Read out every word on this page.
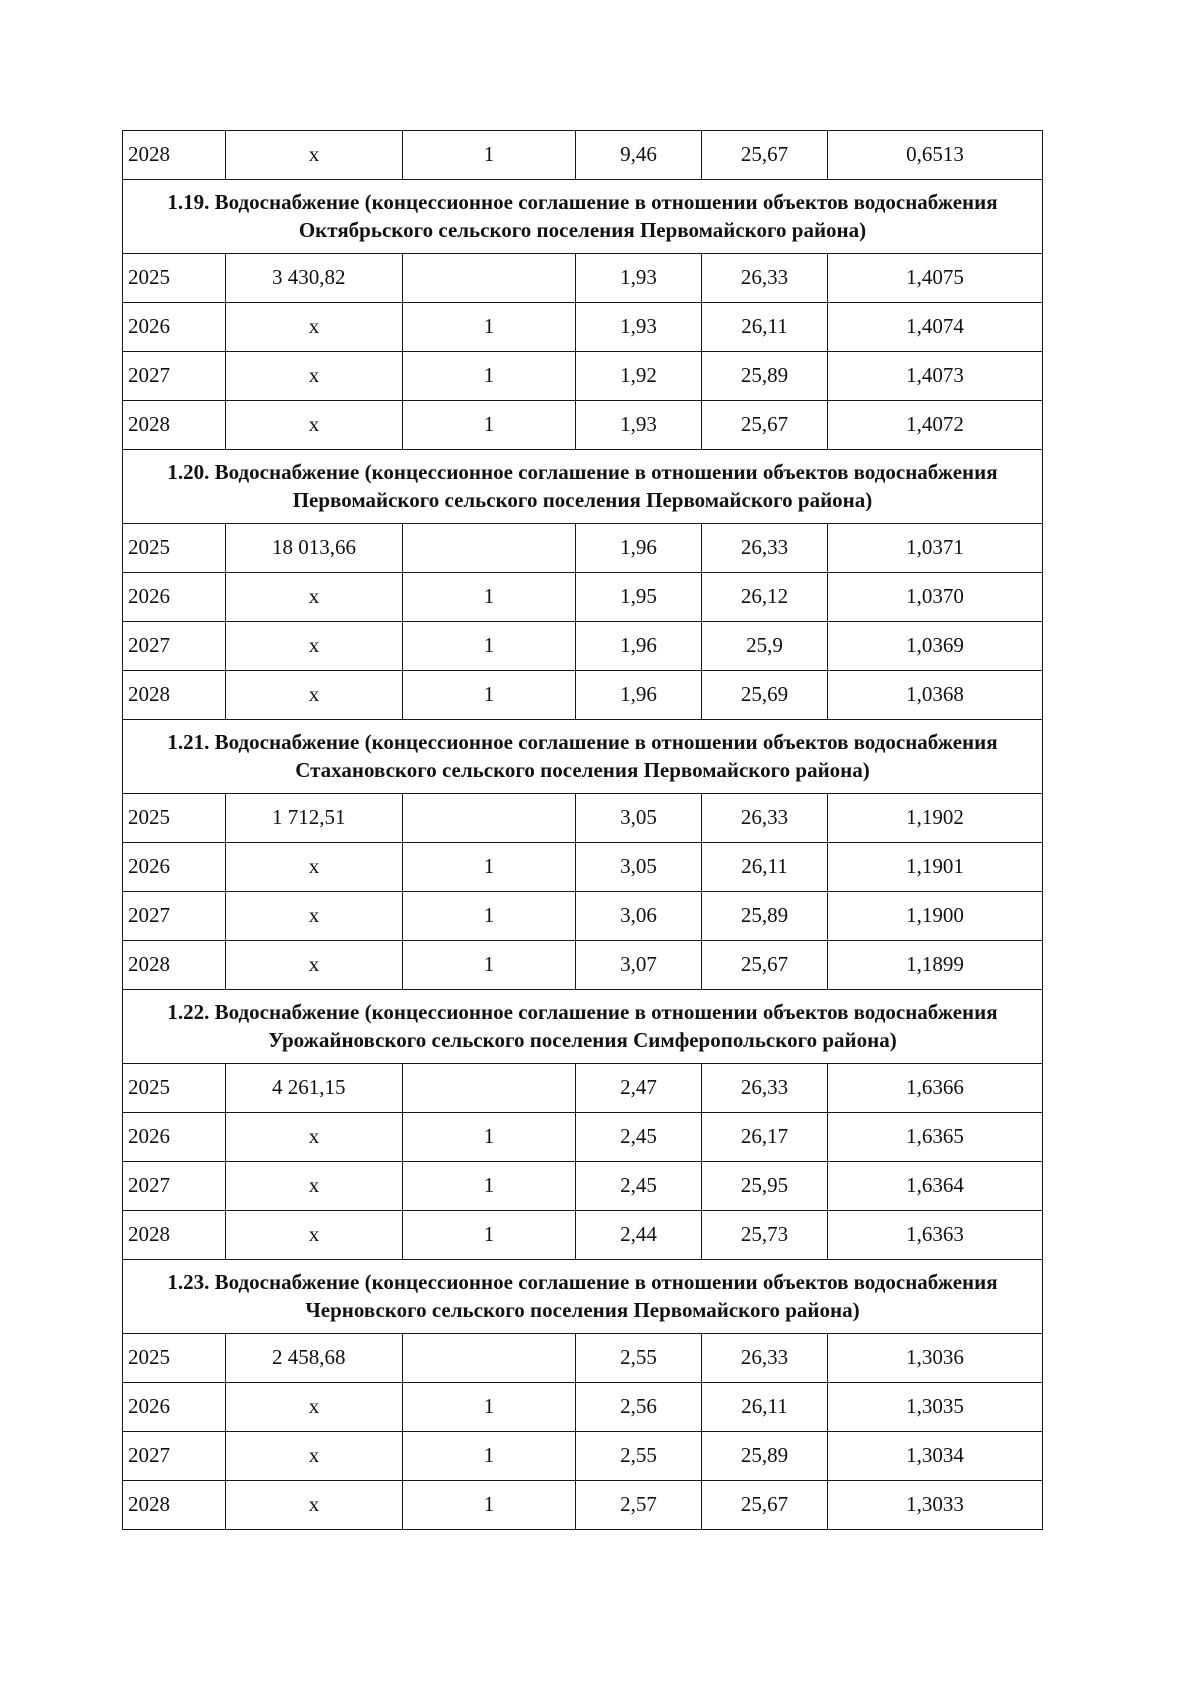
2028	x	1	9,46	25,67	0,6513
1.19. Водоснабжение (концессионное соглашение в отношении объектов водоснабжения Октябрьского сельского поселения Первомайского района)					
2025	3 430,82		1,93	26,33	1,4075
2026	x	1	1,93	26,11	1,4074
2027	x	1	1,92	25,89	1,4073
2028	x	1	1,93	25,67	1,4072
1.20. Водоснабжение (концессионное соглашение в отношении объектов водоснабжения Первомайского сельского поселения Первомайского района)					
2025	18 013,66		1,96	26,33	1,0371
2026	x	1	1,95	26,12	1,0370
2027	x	1	1,96	25,9	1,0369
2028	x	1	1,96	25,69	1,0368
1.21. Водоснабжение (концессионное соглашение в отношении объектов водоснабжения Стахановского сельского поселения Первомайского района)					
2025	1 712,51		3,05	26,33	1,1902
2026	x	1	3,05	26,11	1,1901
2027	x	1	3,06	25,89	1,1900
2028	x	1	3,07	25,67	1,1899
1.22. Водоснабжение (концессионное соглашение в отношении объектов водоснабжения Урожайновского сельского поселения Симферопольского района)					
2025	4 261,15		2,47	26,33	1,6366
2026	x	1	2,45	26,17	1,6365
2027	x	1	2,45	25,95	1,6364
2028	x	1	2,44	25,73	1,6363
1.23. Водоснабжение (концессионное соглашение в отношении объектов водоснабжения Черновского сельского поселения Первомайского района)					
2025	2 458,68		2,55	26,33	1,3036
2026	x	1	2,56	26,11	1,3035
2027	x	1	2,55	25,89	1,3034
2028	x	1	2,57	25,67	1,3033
